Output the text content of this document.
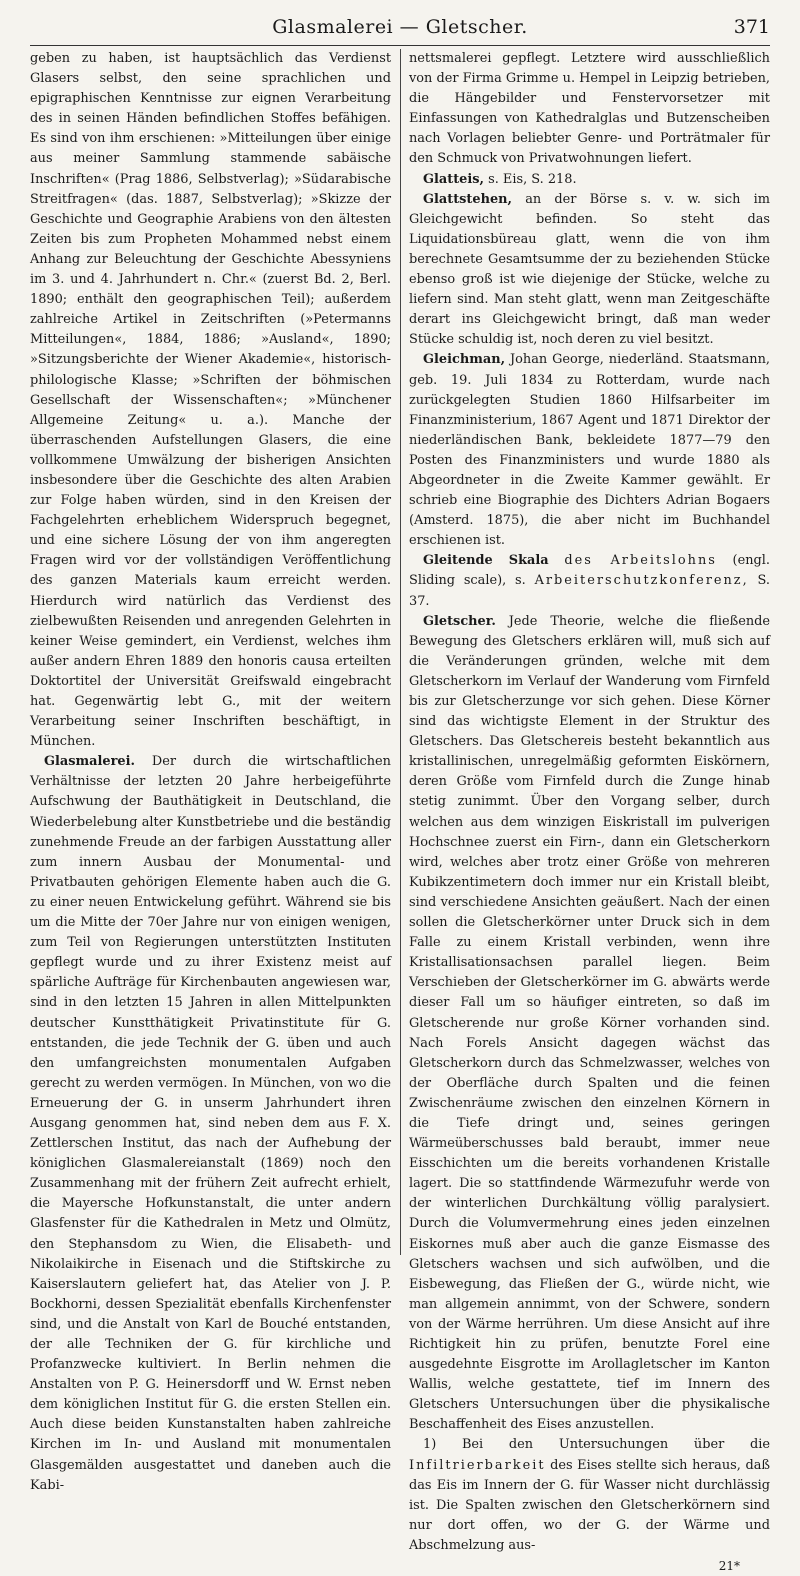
Glasmalerei — Gletscher.	371

geben zu haben, ist hauptsächlich das Verdienst Glasers selbst, den seine sprachlichen und epigraphischen Kenntnisse zur eignen Verarbeitung des in seinen Händen befindlichen Stoffes befähigen. Es sind von ihm erschienen: »Mitteilungen über einige aus meiner Sammlung stammende sabäische Inschriften« (Prag 1886, Selbstverlag); »Südarabische Streitfragen« (das. 1887, Selbstverlag); »Skizze der Geschichte und Geographie Arabiens von den ältesten Zeiten bis zum Propheten Mohammed nebst einem Anhang zur Beleuchtung der Geschichte Abessyniens im 3. und 4. Jahrhundert n. Chr.« (zuerst Bd. 2, Berl. 1890; enthält den geographischen Teil); außerdem zahlreiche Artikel in Zeitschriften (»Petermanns Mitteilungen«, 1884, 1886; »Ausland«, 1890; »Sitzungsberichte der Wiener Akademie«, historisch-philologische Klasse; »Schriften der böhmischen Gesellschaft der Wissenschaften«; »Münchener Allgemeine Zeitung« u. a.). Manche der überraschenden Aufstellungen Glasers, die eine vollkommene Umwälzung der bisherigen Ansichten insbesondere über die Geschichte des alten Arabien zur Folge haben würden, sind in den Kreisen der Fachgelehrten erheblichem Widerspruch begegnet, und eine sichere Lösung der von ihm angeregten Fragen wird vor der vollständigen Veröffentlichung des ganzen Materials kaum erreicht werden. Hierdurch wird natürlich das Verdienst des zielbewußten Reisenden und anregenden Gelehrten in keiner Weise gemindert, ein Verdienst, welches ihm außer andern Ehren 1889 den honoris causa erteilten Doktortitel der Universität Greifswald eingebracht hat. Gegenwärtig lebt G., mit der weitern Verarbeitung seiner Inschriften beschäftigt, in München.

Glasmalerei. Der durch die wirtschaftlichen Verhältnisse der letzten 20 Jahre herbeigeführte Aufschwung der Bauthätigkeit in Deutschland, die Wiederbelebung alter Kunstbetriebe und die beständig zunehmende Freude an der farbigen Ausstattung aller zum innern Ausbau der Monumental- und Privatbauten gehörigen Elemente haben auch die G. zu einer neuen Entwickelung geführt. Während sie bis um die Mitte der 70er Jahre nur von einigen wenigen, zum Teil von Regierungen unterstützten Instituten gepflegt wurde und zu ihrer Existenz meist auf spärliche Aufträge für Kirchenbauten angewiesen war, sind in den letzten 15 Jahren in allen Mittelpunkten deutscher Kunstthätigkeit Privatinstitute für G. entstanden, die jede Technik der G. üben und auch den umfangreichsten monumentalen Aufgaben gerecht zu werden vermögen. In München, von wo die Erneuerung der G. in unserm Jahrhundert ihren Ausgang genommen hat, sind neben dem aus F. X. Zettlerschen Institut, das nach der Aufhebung der königlichen Glasmalereianstalt (1869) noch den Zusammenhang mit der frühern Zeit aufrecht erhielt, die Mayersche Hofkunstanstalt, die unter andern Glasfenster für die Kathedralen in Metz und Olmütz, den Stephansdom zu Wien, die Elisabeth- und Nikolaikirche in Eisenach und die Stiftskirche zu Kaiserslautern geliefert hat, das Atelier von J. P. Bockhorni, dessen Spezialität ebenfalls Kirchenfenster sind, und die Anstalt von Karl de Bouché entstanden, der alle Techniken der G. für kirchliche und Profanzwecke kultiviert. In Berlin nehmen die Anstalten von P. G. Heinersdorff und W. Ernst neben dem königlichen Institut für G. die ersten Stellen ein. Auch diese beiden Kunstanstalten haben zahlreiche Kirchen im In- und Ausland mit monumentalen Glasgemälden ausgestattet und daneben auch die Kabi-

nettsmalerei gepflegt. Letztere wird ausschließlich von der Firma Grimme u. Hempel in Leipzig betrieben, die Hängebilder und Fenstervorsetzer mit Einfassungen von Kathedralglas und Butzenscheiben nach Vorlagen beliebter Genre- und Porträtmaler für den Schmuck von Privatwohnungen liefert.

Glatteis, s. Eis, S. 218.

Glattstehen, an der Börse s. v. w. sich im Gleichgewicht befinden. So steht das Liquidationsbüreau glatt, wenn die von ihm berechnete Gesamtsumme der zu beziehenden Stücke ebenso groß ist wie diejenige der Stücke, welche zu liefern sind. Man steht glatt, wenn man Zeitgeschäfte derart ins Gleichgewicht bringt, daß man weder Stücke schuldig ist, noch deren zu viel besitzt.

Gleichman, Johan George, niederländ. Staatsmann, geb. 19. Juli 1834 zu Rotterdam, wurde nach zurückgelegten Studien 1860 Hilfsarbeiter im Finanzministerium, 1867 Agent und 1871 Direktor der niederländischen Bank, bekleidete 1877—79 den Posten des Finanzministers und wurde 1880 als Abgeordneter in die Zweite Kammer gewählt. Er schrieb eine Biographie des Dichters Adrian Bogaers (Amsterd. 1875), die aber nicht im Buchhandel erschienen ist.

Gleitende Skala des Arbeitslohns (engl. Sliding scale), s. Arbeiterschutzkonferenz, S. 37.

Gletscher. Jede Theorie, welche die fließende Bewegung des Gletschers erklären will, muß sich auf die Veränderungen gründen, welche mit dem Gletscherkorn im Verlauf der Wanderung vom Firnfeld bis zur Gletscherzunge vor sich gehen. Diese Körner sind das wichtigste Element in der Struktur des Gletschers. Das Gletschereis besteht bekanntlich aus kristallinischen, unregelmäßig geformten Eiskörnern, deren Größe vom Firnfeld durch die Zunge hinab stetig zunimmt. Über den Vorgang selber, durch welchen aus dem winzigen Eiskristall im pulverigen Hochschnee zuerst ein Firn-, dann ein Gletscherkorn wird, welches aber trotz einer Größe von mehreren Kubikzentimetern doch immer nur ein Kristall bleibt, sind verschiedene Ansichten geäußert. Nach der einen sollen die Gletscherkörner unter Druck sich in dem Falle zu einem Kristall verbinden, wenn ihre Kristallisationsachsen parallel liegen. Beim Verschieben der Gletscherkörner im G. abwärts werde dieser Fall um so häufiger eintreten, so daß im Gletscherende nur große Körner vorhanden sind. Nach Forels Ansicht dagegen wächst das Gletscherkorn durch das Schmelzwasser, welches von der Oberfläche durch Spalten und die feinen Zwischenräume zwischen den einzelnen Körnern in die Tiefe dringt und, seines geringen Wärmeüberschusses bald beraubt, immer neue Eisschichten um die bereits vorhandenen Kristalle lagert. Die so stattfindende Wärmezufuhr werde von der winterlichen Durchkältung völlig paralysiert. Durch die Volumvermehrung eines jeden einzelnen Eiskornes muß aber auch die ganze Eismasse des Gletschers wachsen und sich aufwölben, und die Eisbewegung, das Fließen der G., würde nicht, wie man allgemein annimmt, von der Schwere, sondern von der Wärme herrühren. Um diese Ansicht auf ihre Richtigkeit hin zu prüfen, benutzte Forel eine ausgedehnte Eisgrotte im Arollagletscher im Kanton Wallis, welche gestattete, tief im Innern des Gletschers Untersuchungen über die physikalische Beschaffenheit des Eises anzustellen.

1) Bei den Untersuchungen über die Infiltrierbarkeit des Eises stellte sich heraus, daß das Eis im Innern der G. für Wasser nicht durchlässig ist. Die Spalten zwischen den Gletscherkörnern sind nur dort offen, wo der G. der Wärme und Abschmelzung aus-

21*
